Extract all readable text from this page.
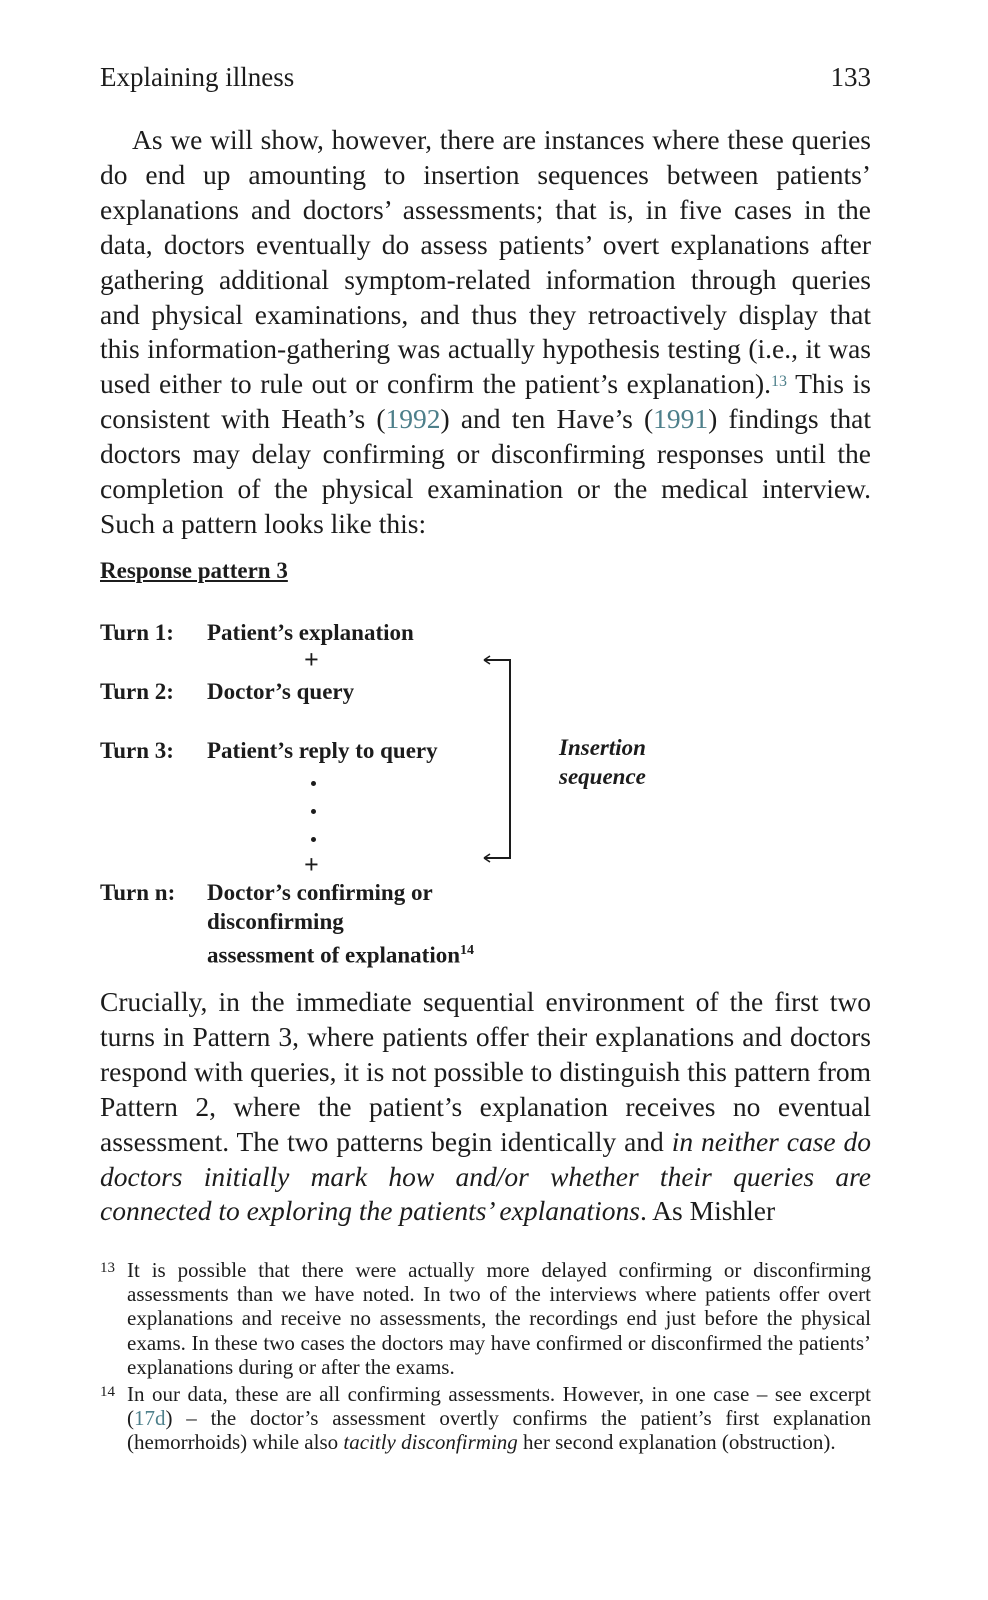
Explaining illness	133
As we will show, however, there are instances where these queries do end up amounting to insertion sequences between patients’ explanations and doctors’ assessments; that is, in five cases in the data, doctors eventually do assess patients’ overt explanations after gathering additional symptom-related information through queries and physical examinations, and thus they retroactively display that this information-gathering was actually hypothesis testing (i.e., it was used either to rule out or confirm the patient’s explanation).$^{13}$ This is consistent with Heath’s (1992) and ten Have’s (1991) findings that doctors may delay confirming or disconfirming responses until the completion of the physical examination or the medical interview. Such a pattern looks like this:
Response pattern 3
Turn 1: Patient’s explanation
+
Turn 2: Doctor’s query
Turn 3: Patient’s reply to query
+
Turn n: Doctor’s confirming or
disconfirming
assessment of explanation$^{14}$
Insertion
sequence
Crucially, in the immediate sequential environment of the first two turns in Pattern 3, where patients offer their explanations and doctors respond with queries, it is not possible to distinguish this pattern from Pattern 2, where the patient’s explanation receives no eventual assessment. The two patterns begin identically and in neither case do doctors initially mark how and/or whether their queries are connected to exploring the patients’ explanations. As Mishler
13 It is possible that there were actually more delayed confirming or disconfirming assessments than we have noted. In two of the interviews where patients offer overt explanations and receive no assessments, the recordings end just before the physical exams. In these two cases the doctors may have confirmed or disconfirmed the patients’ explanations during or after the exams.
14 In our data, these are all confirming assessments. However, in one case – see excerpt (17d) – the doctor’s assessment overtly confirms the patient’s first explanation (hemorrhoids) while also tacitly disconfirming her second explanation (obstruction).
